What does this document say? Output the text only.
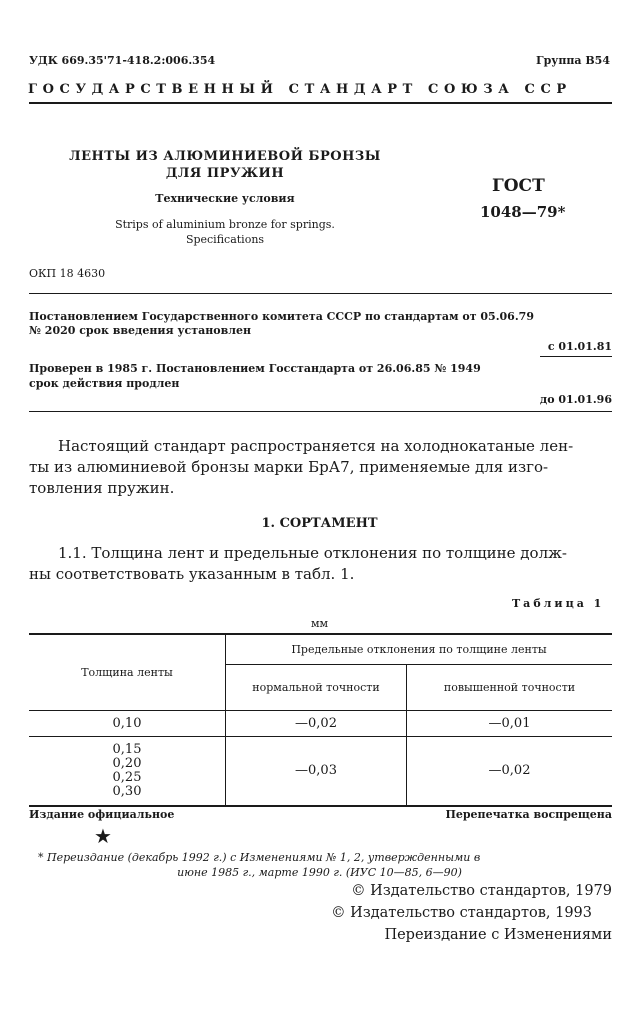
УДК 669.35'71-418.2:006.354	Группа В54
ГОСУДАРСТВЕННЫЙ СТАНДАРТ СОЮЗА ССР
ЛЕНТЫ ИЗ АЛЮМИНИЕВОЙ БРОНЗЫ
ДЛЯ ПРУЖИН
Технические условия
Strips of aluminium bronze for springs.
Specifications
ГОСТ
1048—79*
ОКП 18 4630
Постановлением Государственного комитета СССР по стандартам от 05.06.79
№ 2020 срок введения установлен
с 01.01.81
Проверен в 1985 г. Постановлением Госстандарта от 26.06.85 № 1949
срок действия продлен
до 01.01.96
Настоящий стандарт распространяется на холоднокатаные лен-
ты из алюминиевой бронзы марки БрА7, применяемые для изго-
товления пружин.
1. СОРТАМЕНТ
1.1. Толщина лент и предельные отклонения по толщине долж-
ны соответствовать указанным в табл. 1.
Таблица 1
мм
Толщина ленты	Предельные отклонения по толщине ленты	
	нормальной точности	повышенной точности
0,10	—0,02	—0,01

0,15
0,20
0,25
0,30	—0,03	—0,02
Издание официальное	Перепечатка воспрещена
★
* Переиздание (декабрь 1992 г.) с Изменениями № 1, 2, утвержденными в
июне 1985 г., марте 1990 г. (ИУС 10—85, 6—90)
© Издательство стандартов, 1979
© Издательство стандартов, 1993
Переиздание с Изменениями
